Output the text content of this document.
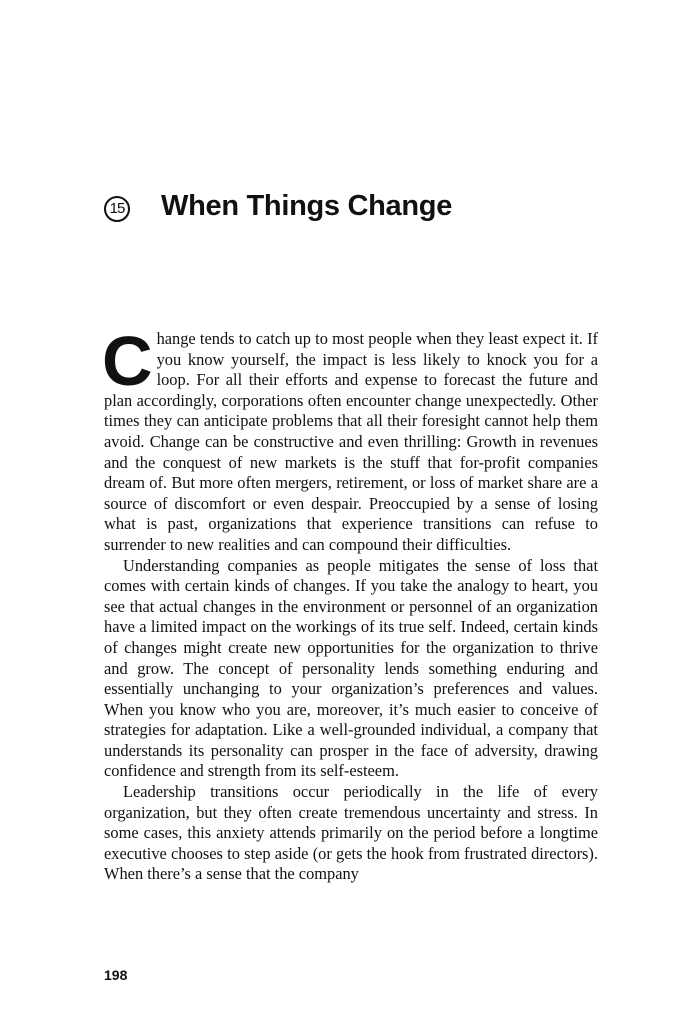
15 When Things Change

Change tends to catch up to most people when they least expect it. If you know yourself, the impact is less likely to knock you for a loop. For all their efforts and expense to forecast the future and plan accordingly, corporations often encounter change unexpectedly. Other times they can anticipate problems that all their foresight cannot help them avoid. Change can be constructive and even thrilling: Growth in revenues and the conquest of new markets is the stuff that for-profit companies dream of. But more often mergers, retirement, or loss of market share are a source of discomfort or even despair. Preoccupied by a sense of losing what is past, organizations that experience transitions can refuse to surrender to new realities and can compound their difficulties.

Understanding companies as people mitigates the sense of loss that comes with certain kinds of changes. If you take the analogy to heart, you see that actual changes in the environment or personnel of an organization have a limited impact on the workings of its true self. Indeed, certain kinds of changes might create new opportunities for the organization to thrive and grow. The concept of personality lends something enduring and essentially unchanging to your organization’s preferences and values. When you know who you are, moreover, it’s much easier to conceive of strategies for adaptation. Like a well-grounded individual, a company that understands its personality can prosper in the face of adversity, drawing confidence and strength from its self-esteem.

Leadership transitions occur periodically in the life of every organization, but they often create tremendous uncertainty and stress. In some cases, this anxiety attends primarily on the period before a longtime executive chooses to step aside (or gets the hook from frustrated directors). When there’s a sense that the company

198
